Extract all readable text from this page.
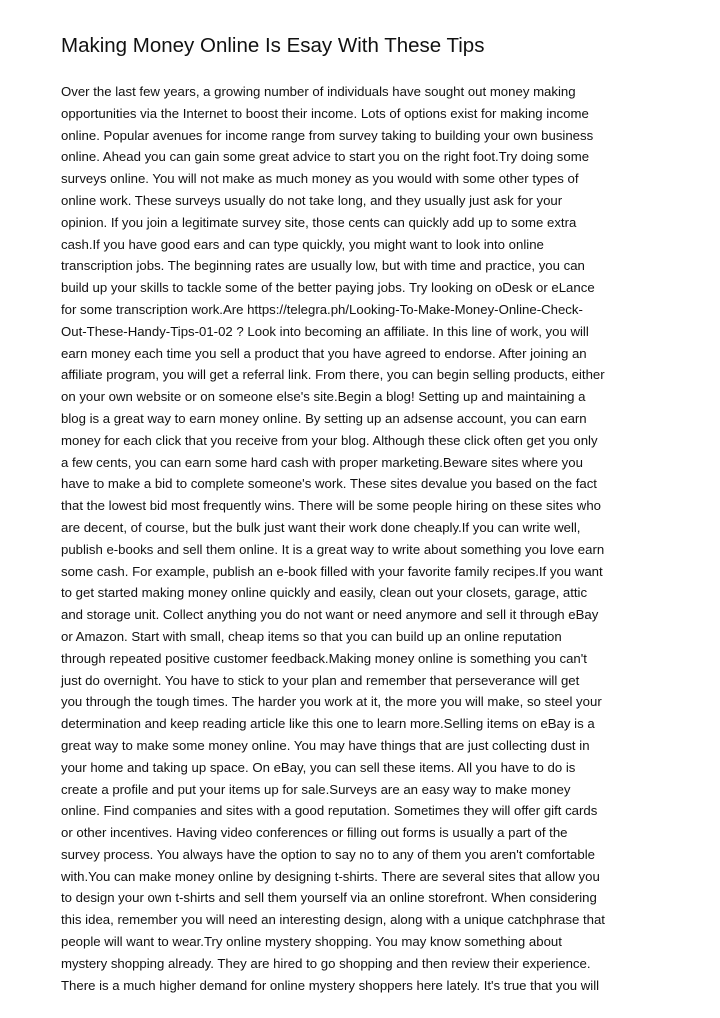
Making Money Online Is Esay With These Tips
Over the last few years, a growing number of individuals have sought out money making
opportunities via the Internet to boost their income. Lots of options exist for making income
online. Popular avenues for income range from survey taking to building your own business
online. Ahead you can gain some great advice to start you on the right foot.Try doing some
surveys online. You will not make as much money as you would with some other types of
online work. These surveys usually do not take long, and they usually just ask for your
opinion. If you join a legitimate survey site, those cents can quickly add up to some extra
cash.If you have good ears and can type quickly, you might want to look into online
transcription jobs. The beginning rates are usually low, but with time and practice, you can
build up your skills to tackle some of the better paying jobs. Try looking on oDesk or eLance
for some transcription work.Are https://telegra.ph/Looking-To-Make-Money-Online-Check-
Out-These-Handy-Tips-01-02 ? Look into becoming an affiliate. In this line of work, you will
earn money each time you sell a product that you have agreed to endorse. After joining an
affiliate program, you will get a referral link. From there, you can begin selling products, either
on your own website or on someone else's site.Begin a blog! Setting up and maintaining a
blog is a great way to earn money online. By setting up an adsense account, you can earn
money for each click that you receive from your blog. Although these click often get you only
a few cents, you can earn some hard cash with proper marketing.Beware sites where you
have to make a bid to complete someone's work. These sites devalue you based on the fact
that the lowest bid most frequently wins. There will be some people hiring on these sites who
are decent, of course, but the bulk just want their work done cheaply.If you can write well,
publish e-books and sell them online. It is a great way to write about something you love earn
some cash. For example, publish an e-book filled with your favorite family recipes.If you want
to get started making money online quickly and easily, clean out your closets, garage, attic
and storage unit. Collect anything you do not want or need anymore and sell it through eBay
or Amazon. Start with small, cheap items so that you can build up an online reputation
through repeated positive customer feedback.Making money online is something you can't
just do overnight. You have to stick to your plan and remember that perseverance will get
you through the tough times. The harder you work at it, the more you will make, so steel your
determination and keep reading article like this one to learn more.Selling items on eBay is a
great way to make some money online. You may have things that are just collecting dust in
your home and taking up space. On eBay, you can sell these items. All you have to do is
create a profile and put your items up for sale.Surveys are an easy way to make money
online. Find companies and sites with a good reputation. Sometimes they will offer gift cards
or other incentives. Having video conferences or filling out forms is usually a part of the
survey process. You always have the option to say no to any of them you aren't comfortable
with.You can make money online by designing t-shirts. There are several sites that allow you
to design your own t-shirts and sell them yourself via an online storefront. When considering
this idea, remember you will need an interesting design, along with a unique catchphrase that
people will want to wear.Try online mystery shopping. You may know something about
mystery shopping already. They are hired to go shopping and then review their experience.
There is a much higher demand for online mystery shoppers here lately. It's true that you will
